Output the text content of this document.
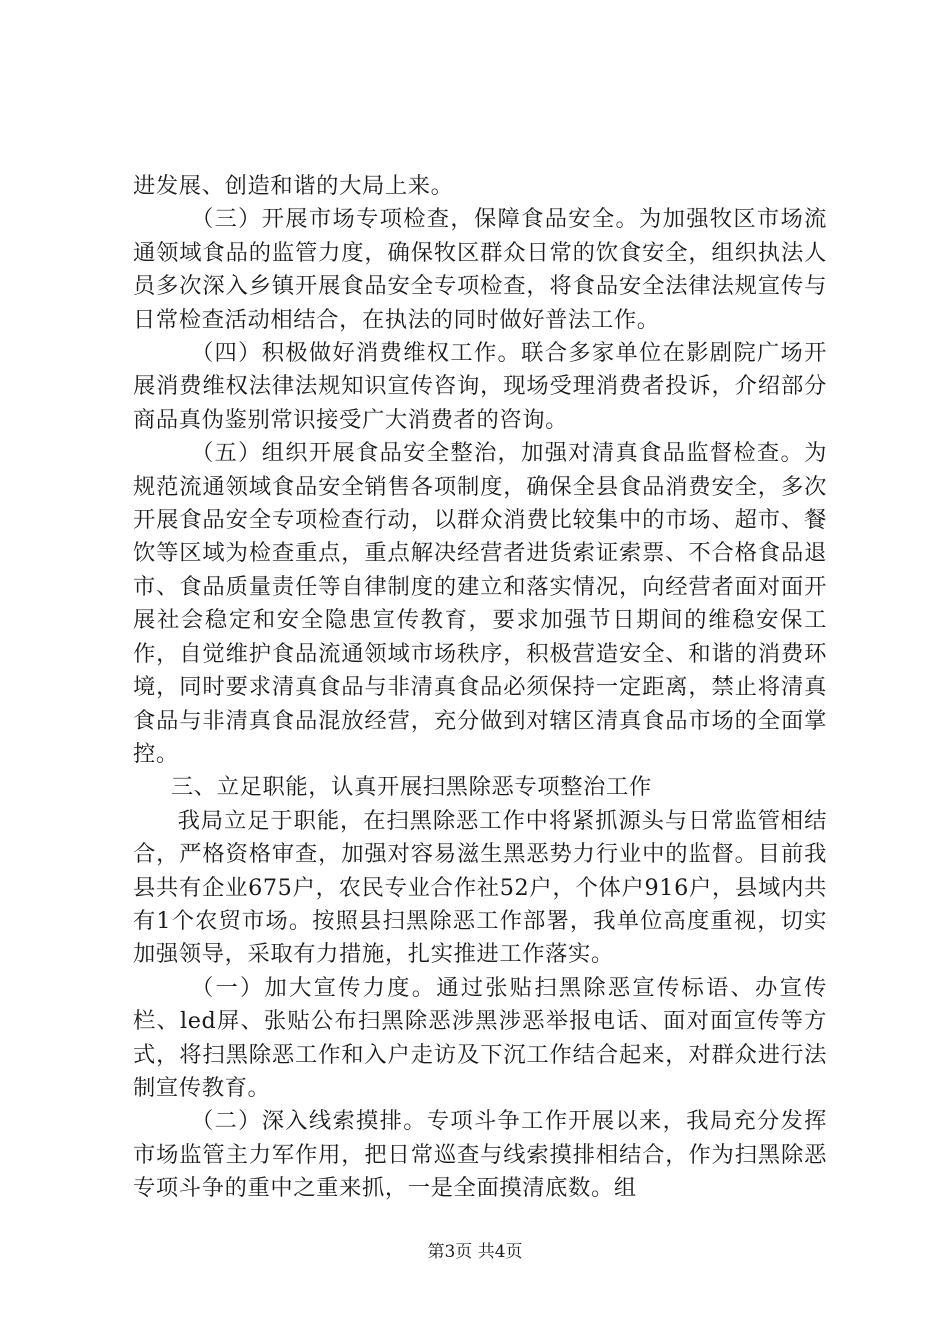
进发展、创造和谐的大局上来。

（三）开展市场专项检查，保障食品安全。为加强牧区市场流通领域食品的监管力度，确保牧区群众日常的饮食安全，组织执法人员多次深入乡镇开展食品安全专项检查，将食品安全法律法规宣传与日常检查活动相结合，在执法的同时做好普法工作。

（四）积极做好消费维权工作。联合多家单位在影剧院广场开展消费维权法律法规知识宣传咨询，现场受理消费者投诉，介绍部分商品真伪鉴别常识接受广大消费者的咨询。

（五）组织开展食品安全整治，加强对清真食品监督检查。为规范流通领域食品安全销售各项制度，确保全县食品消费安全，多次开展食品安全专项检查行动，以群众消费比较集中的市场、超市、餐饮等区域为检查重点，重点解决经营者进货索证索票、不合格食品退市、食品质量责任等自律制度的建立和落实情况，向经营者面对面开展社会稳定和安全隐患宣传教育，要求加强节日期间的维稳安保工作，自觉维护食品流通领域市场秩序，积极营造安全、和谐的消费环境，同时要求清真食品与非清真食品必须保持一定距离，禁止将清真食品与非清真食品混放经营，充分做到对辖区清真食品市场的全面掌控。

三、立足职能，认真开展扫黑除恶专项整治工作

我局立足于职能，在扫黑除恶工作中将紧抓源头与日常监管相结合，严格资格审查，加强对容易滋生黑恶势力行业中的监督。目前我县共有企业675户，农民专业合作社52户，个体户916户，县域内共有1个农贸市场。按照县扫黑除恶工作部署，我单位高度重视，切实加强领导，采取有力措施，扎实推进工作落实。

（一）加大宣传力度。通过张贴扫黑除恶宣传标语、办宣传栏、led屏、张贴公布扫黑除恶涉黑涉恶举报电话、面对面宣传等方式，将扫黑除恶工作和入户走访及下沉工作结合起来，对群众进行法制宣传教育。

（二）深入线索摸排。专项斗争工作开展以来，我局充分发挥市场监管主力军作用，把日常巡查与线索摸排相结合，作为扫黑除恶专项斗争的重中之重来抓，一是全面摸清底数。组

第3页 共4页
